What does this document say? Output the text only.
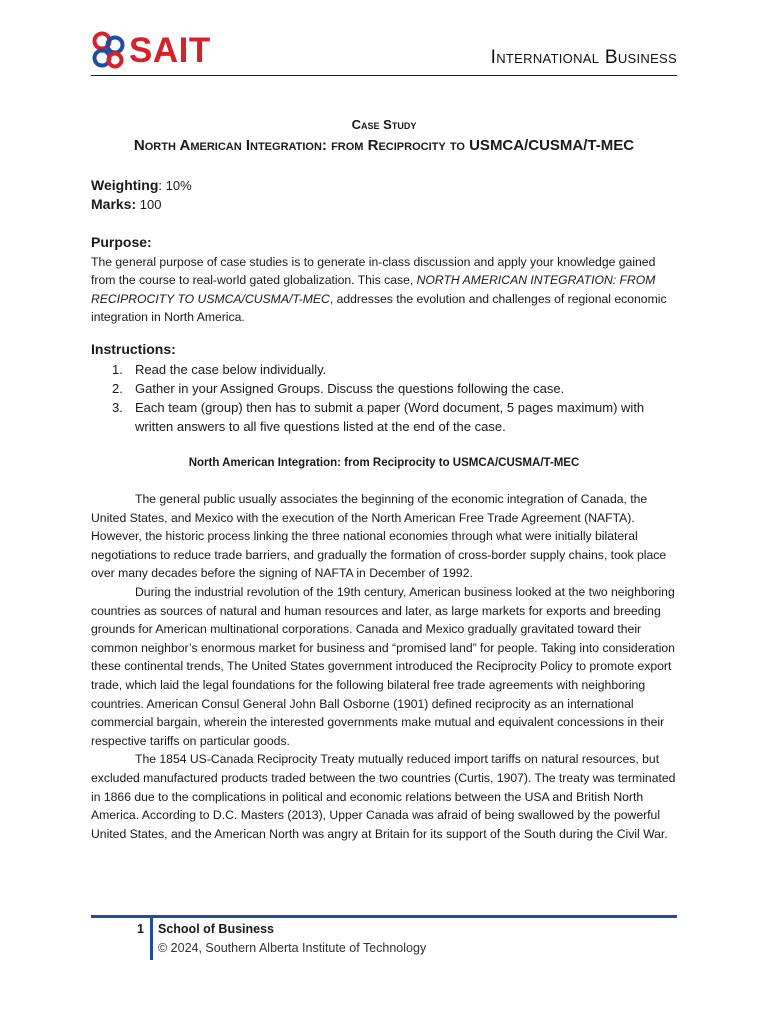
SAIT	International Business
Case Study
North American Integration: from Reciprocity to USMCA/CUSMA/T-MEC
Weighting: 10%
Marks: 100
Purpose:
The general purpose of case studies is to generate in-class discussion and apply your knowledge gained from the course to real-world gated globalization. This case, NORTH AMERICAN INTEGRATION: FROM RECIPROCITY TO USMCA/CUSMA/T-MEC, addresses the evolution and challenges of regional economic integration in North America.
Instructions:
1. Read the case below individually.
2. Gather in your Assigned Groups. Discuss the questions following the case.
3. Each team (group) then has to submit a paper (Word document, 5 pages maximum) with written answers to all five questions listed at the end of the case.
North American Integration: from Reciprocity to USMCA/CUSMA/T-MEC

The general public usually associates the beginning of the economic integration of Canada, the United States, and Mexico with the execution of the North American Free Trade Agreement (NAFTA). However, the historic process linking the three national economies through what were initially bilateral negotiations to reduce trade barriers, and gradually the formation of cross-border supply chains, took place over many decades before the signing of NAFTA in December of 1992.

During the industrial revolution of the 19th century, American business looked at the two neighboring countries as sources of natural and human resources and later, as large markets for exports and breeding grounds for American multinational corporations. Canada and Mexico gradually gravitated toward their common neighbor’s enormous market for business and “promised land” for people. Taking into consideration these continental trends, The United States government introduced the Reciprocity Policy to promote export trade, which laid the legal foundations for the following bilateral free trade agreements with neighboring countries. American Consul General John Ball Osborne (1901) defined reciprocity as an international commercial bargain, wherein the interested governments make mutual and equivalent concessions in their respective tariffs on particular goods.

The 1854 US-Canada Reciprocity Treaty mutually reduced import tariffs on natural resources, but excluded manufactured products traded between the two countries (Curtis, 1907). The treaty was terminated in 1866 due to the complications in political and economic relations between the USA and British North America. According to D.C. Masters (2013), Upper Canada was afraid of being swallowed by the powerful United States, and the American North was angry at Britain for its support of the South during the Civil War.

1 School of Business
© 2024, Southern Alberta Institute of Technology
